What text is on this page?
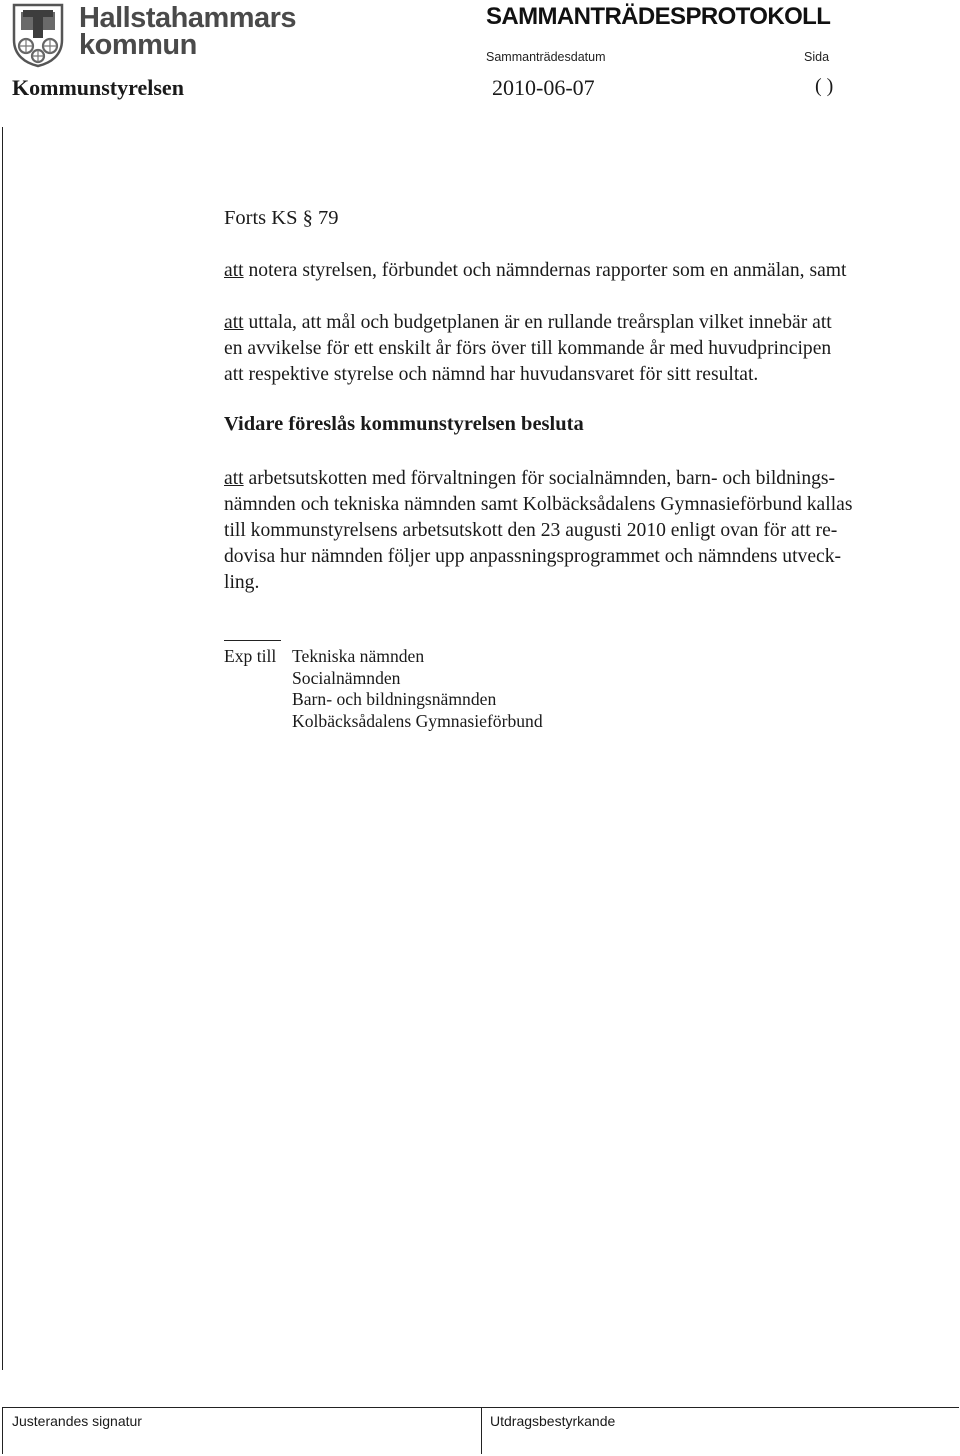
Hallstahammars
kommun
SAMMANTRÄDESPROTOKOLL
Sammanträdesdatum	Sida
Kommunstyrelsen	2010-06-07	( )
Forts KS § 79
att notera styrelsen, förbundet och nämndernas rapporter som en anmälan, samt
att uttala, att mål och budgetplanen är en rullande treårsplan vilket innebär att
en avvikelse för ett enskilt år förs över till kommande år med huvudprincipen
att respektive styrelse och nämnd har huvudansvaret för sitt resultat.
Vidare föreslås kommunstyrelsen besluta
att arbetsutskotten med förvaltningen för socialnämnden, barn- och bildnings-
nämnden och tekniska nämnden samt Kolbäcksådalens Gymnasieförbund kallas
till kommunstyrelsens arbetsutskott den 23 augusti 2010 enligt ovan för att re-
dovisa hur nämnden följer upp anpassningsprogrammet och nämndens utveck-
ling.
Exp till Tekniska nämnden
Socialnämnden
Barn- och bildningsnämnden
Kolbäcksådalens Gymnasieförbund
Justerandes signatur	Utdragsbestyrkande
